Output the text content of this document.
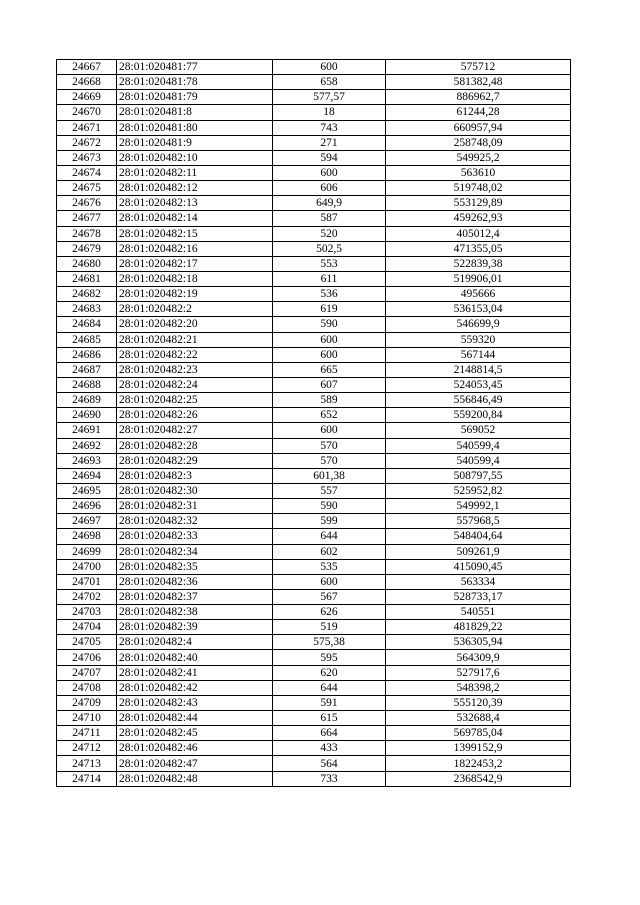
24667	28:01:020481:77	600	575712
24668	28:01:020481:78	658	581382,48
24669	28:01:020481:79	577,57	886962,7
24670	28:01:020481:8	18	61244,28
24671	28:01:020481:80	743	660957,94
24672	28:01:020481:9	271	258748,09
24673	28:01:020482:10	594	549925,2
24674	28:01:020482:11	600	563610
24675	28:01:020482:12	606	519748,02
24676	28:01:020482:13	649,9	553129,89
24677	28:01:020482:14	587	459262,93
24678	28:01:020482:15	520	405012,4
24679	28:01:020482:16	502,5	471355,05
24680	28:01:020482:17	553	522839,38
24681	28:01:020482:18	611	519906,01
24682	28:01:020482:19	536	495666
24683	28:01:020482:2	619	536153,04
24684	28:01:020482:20	590	546699,9
24685	28:01:020482:21	600	559320
24686	28:01:020482:22	600	567144
24687	28:01:020482:23	665	2148814,5
24688	28:01:020482:24	607	524053,45
24689	28:01:020482:25	589	556846,49
24690	28:01:020482:26	652	559200,84
24691	28:01:020482:27	600	569052
24692	28:01:020482:28	570	540599,4
24693	28:01:020482:29	570	540599,4
24694	28:01:020482:3	601,38	508797,55
24695	28:01:020482:30	557	525952,82
24696	28:01:020482:31	590	549992,1
24697	28:01:020482:32	599	557968,5
24698	28:01:020482:33	644	548404,64
24699	28:01:020482:34	602	509261,9
24700	28:01:020482:35	535	415090,45
24701	28:01:020482:36	600	563334
24702	28:01:020482:37	567	528733,17
24703	28:01:020482:38	626	540551
24704	28:01:020482:39	519	481829,22
24705	28:01:020482:4	575,38	536305,94
24706	28:01:020482:40	595	564309,9
24707	28:01:020482:41	620	527917,6
24708	28:01:020482:42	644	548398,2
24709	28:01:020482:43	591	555120,39
24710	28:01:020482:44	615	532688,4
24711	28:01:020482:45	664	569785,04
24712	28:01:020482:46	433	1399152,9
24713	28:01:020482:47	564	1822453,2
24714	28:01:020482:48	733	2368542,9
